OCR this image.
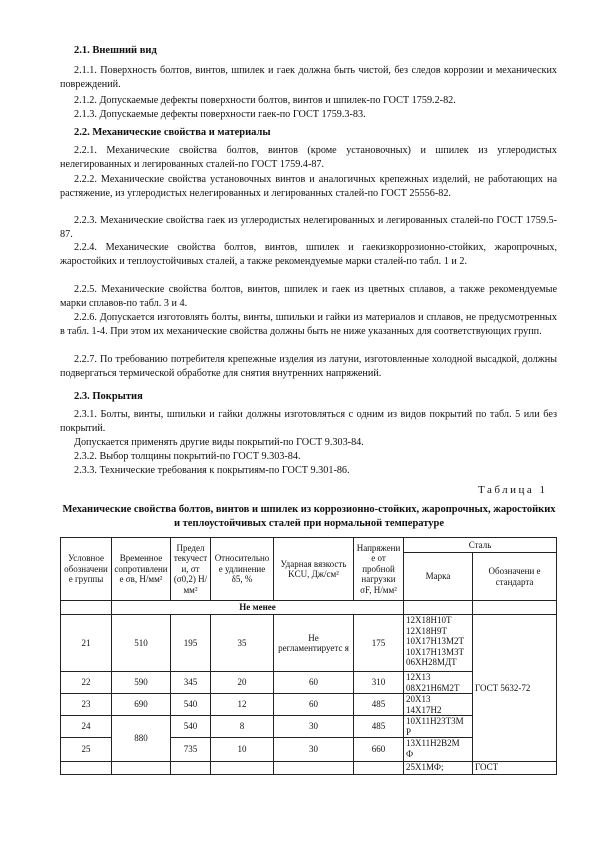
2.1. Внешний вид
2.1.1. Поверхность болтов, винтов, шпилек и гаек должна быть чистой, без следов коррозии и механических повреждений.
2.1.2. Допускаемые дефекты поверхности болтов, винтов и шпилек-по ГОСТ 1759.2-82.
2.1.3. Допускаемые дефекты поверхности гаек-по ГОСТ 1759.3-83.
2.2. Механические свойства и материалы
2.2.1. Механические свойства болтов, винтов (кроме установочных) и шпилек из углеродистых нелегированных и легированных сталей-по ГОСТ 1759.4-87.
2.2.2. Механические свойства установочных винтов и аналогичных крепежных изделий, не работающих на растяжение, из углеродистых нелегированных и легированных сталей-по ГОСТ 25556-82.
2.2.3. Механические свойства гаек из углеродистых нелегированных и легированных сталей-по ГОСТ 1759.5-87.
2.2.4. Механические свойства болтов, винтов, шпилек и гаекизкоррозионно-стойких, жаропрочных, жаростойких и теплоустойчивых сталей, а также рекомендуемые марки сталей-по табл. 1 и 2.
2.2.5. Механические свойства болтов, винтов, шпилек и гаек из цветных сплавов, а также рекомендуемые марки сплавов-по табл. 3 и 4.
2.2.6. Допускается изготовлять болты, винты, шпильки и гайки из материалов и сплавов, не предусмотренных в табл. 1-4. При этом их механические свойства должны быть не ниже указанных для соответствующих групп.
2.2.7. По требованию потребителя крепежные изделия из латуни, изготовленные холодной высадкой, должны подвергаться термической обработке для снятия внутренних напряжений.
2.3. Покрытия
2.3.1. Болты, винты, шпильки и гайки должны изготовляться с одним из видов покрытий по табл. 5 или без покрытий.
Допускается применять другие виды покрытий-по ГОСТ 9.303-84.
2.3.2. Выбор толщины покрытий-по ГОСТ 9.303-84.
2.3.3. Технические требования к покрытиям-по ГОСТ 9.301-86.
Таблица 1
Механические свойства болтов, винтов и шпилек из коррозионно-стойких, жаропрочных, жаростойких и теплоустойчивых сталей при нормальной температуре
Условное обозначени е группы	Временное сопротивлени е σв, Н/мм²	Предел текучест и, σт (σ0,2) Н/мм²	Относительно е удлинение δ5, %	Ударная вязкость KCU, Дж/см²	Напряжени е от пробной нагрузки σF, Н/мм²	Сталь	
						Марка	Обозначени е стандарта
	Не менее						
21	510	195	35	Не регламентируетс я	175	12Х18Н10Т
12Х18Н9Т
10Х17Н13М2Т
10Х17Н13М3Т
06ХН28МДТ	ГОСТ 5632-72
22	590	345	20	60	310	12Х13
08Х21Н6М2Т	

23	690	540	12	60	485	20Х13
14Х17Н2	

24	880	540	8	30	485	10Х11Н23Т3М
Р	

25		735	10	30	660	13Х11Н2В2М
Ф	

						25Х1МФ;	ГОСТ
